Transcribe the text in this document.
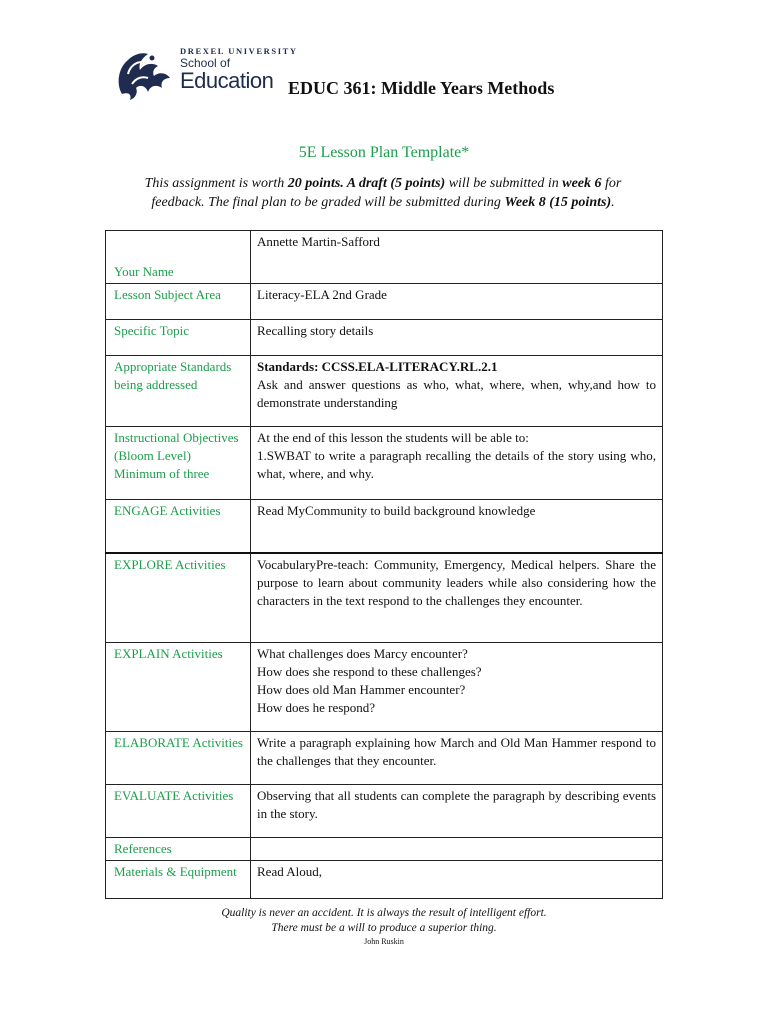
DREXEL UNIVERSITY
School of
Education EDUC 361: Middle Years Methods
5E Lesson Plan Template*
This assignment is worth 20 points. A draft (5 points) will be submitted in week 6 for feedback. The final plan to be graded will be submitted during Week 8 (15 points).
Your Name	Annette Martin-Safford

Lesson Subject Area	Literacy-ELA 2nd Grade

Specific Topic	Recalling story details

Appropriate Standards being addressed	Standards: CCSS.ELA-LITERACY.RL.2.1
Ask and answer questions as who, what, where, when, why,and how to demonstrate understanding

Instructional Objectives (Bloom Level) Minimum of three	At the end of this lesson the students will be able to:
1.SWBAT to write a paragraph recalling the details of the story using who, what, where, and why.

ENGAGE Activities	Read MyCommunity to build background knowledge

EXPLORE Activities	VocabularyPre-teach: Community, Emergency, Medical helpers. Share the purpose to learn about community leaders while also considering how the characters in the text respond to the challenges they encounter.

EXPLAIN Activities	What challenges does Marcy encounter?
How does she respond to these challenges?
How does old Man Hammer encounter?
How does he respond?

ELABORATE Activities	Write a paragraph explaining how March and Old Man Hammer respond to the challenges that they encounter.

EVALUATE Activities	Observing that all students can complete the paragraph by describing events in the story.

References	

Materials & Equipment	Read Aloud,
Quality is never an accident. It is always the result of intelligent effort.
There must be a will to produce a superior thing.
John Ruskin
